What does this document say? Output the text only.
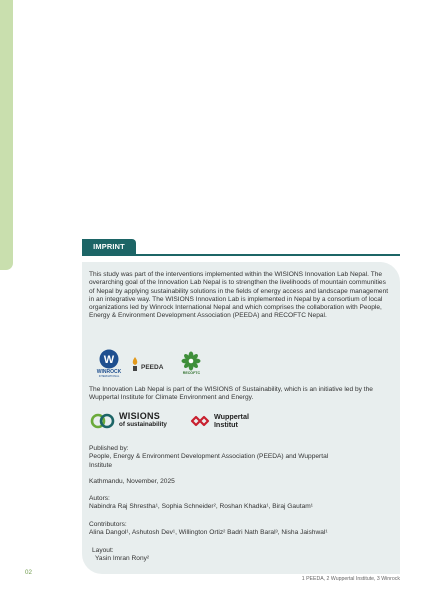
IMPRINT

This study was part of the interventions implemented within the WISIONS Innovation Lab Nepal. The overarching goal of the Innovation Lab Nepal is to strengthen the livelihoods of mountain communities of Nepal by applying sustainability solutions in the fields of energy access and landscape management in an integrative way. The WISIONS Innovation Lab is implemented in Nepal by a consortium of local organizations led by Winrock International Nepal and which comprises the collaboration with People, Energy & Environment Development Association (PEEDA) and RECOFTC Nepal.

W
WINROCK
INTERNATIONAL
PEEDA
RECOFTC

The Innovation Lab Nepal is part of the WISIONS of Sustainability, which is an initiative led by the Wuppertal Institute for Climate Environment and Energy.

WISIONS
of sustainability
Wuppertal
Institut

Published by:
People, Energy & Environment Development Association (PEEDA) and Wuppertal Institute

Kathmandu, November, 2025

Autors:
Nabindra Raj Shrestha¹, Sophia Schneider², Roshan Khadka¹, Biraj Gautam¹

Contributors:
Alina Dangol¹, Ashutosh Dev¹, Willington Ortiz² Badri Nath Baral³, Nisha Jaishwal¹

Layout:
Yasin Imran Rony²

02
1 PEEDA, 2 Wuppertal Institute, 3 Winrock
